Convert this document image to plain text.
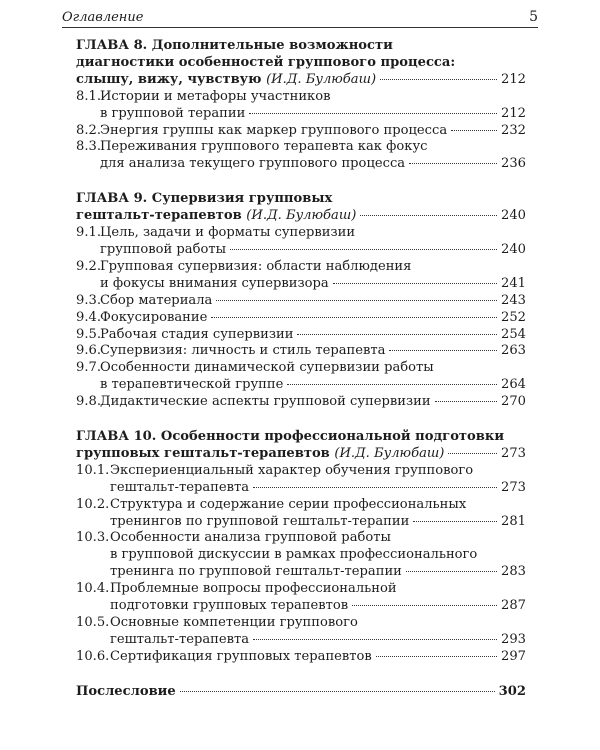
Оглавление	5
ГЛАВА 8. Дополнительные возможности
диагностики особенностей группового процесса:
слышу, вижу, чувствую (И.Д. Булюбаш)	212
8.1.Истории и метафоры участников
в групповой терапии	212
8.2.Энергия группы как маркер группового процесса	232
8.3.Переживания группового терапевта как фокус
для анализа текущего группового процесса	236
ГЛАВА 9. Супервизия групповых
гештальт-терапевтов (И.Д. Булюбаш)	240
9.1.Цель, задачи и форматы супервизии
групповой работы	240
9.2.Групповая супервизия: области наблюдения
и фокусы внимания супервизора	241
9.3.Сбор материала	243
9.4.Фокусирование	252
9.5.Рабочая стадия супервизии	254
9.6.Супервизия: личность и стиль терапевта	263
9.7.Особенности динамической супервизии работы
в терапевтической группе	264
9.8.Дидактические аспекты групповой супервизии	270
ГЛАВА 10. Особенности профессиональной подготовки
групповых гештальт-терапевтов (И.Д. Булюбаш)	273
10.1.Экспериенциальный характер обучения группового
гештальт-терапевта	273
10.2.Структура и содержание серии профессиональных
тренингов по групповой гештальт-терапии	281
10.3.Особенности анализа групповой работы
в групповой дискуссии в рамках профессионального
тренинга по групповой гештальт-терапии	283
10.4.Проблемные вопросы профессиональной
подготовки групповых терапевтов	287
10.5.Основные компетенции группового
гештальт-терапевта	293
10.6.Сертификация групповых терапевтов	297
Послесловие	302
